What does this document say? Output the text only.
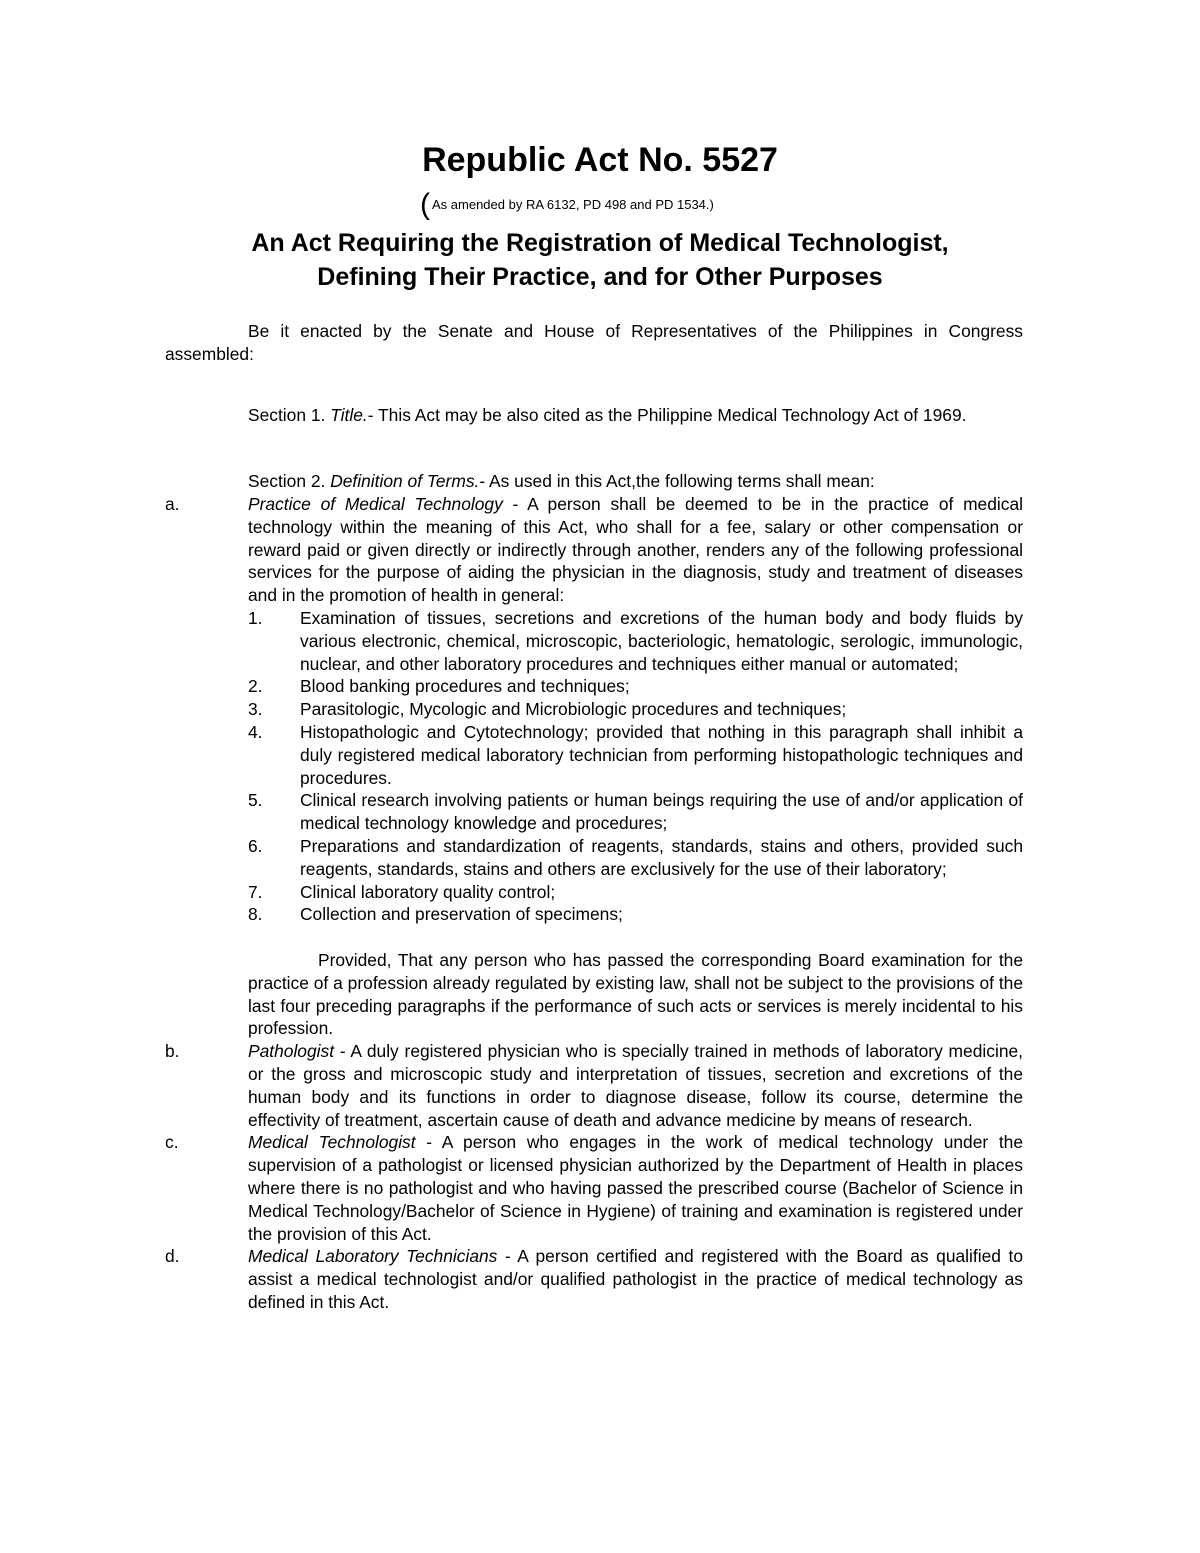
Republic Act No. 5527
( As amended by RA 6132, PD 498 and PD 1534.)
An Act Requiring the Registration of Medical Technologist,
Defining Their Practice, and for Other Purposes

Be it enacted by the Senate and House of Representatives of the Philippines in Congress assembled:

Section 1. Title.- This Act may be also cited as the Philippine Medical Technology Act of 1969.

Section 2. Definition of Terms.- As used in this Act,the following terms shall mean:

a.	Practice of Medical Technology - A person shall be deemed to be in the practice of medical technology within the meaning of this Act, who shall for a fee, salary or other compensation or reward paid or given directly or indirectly through another, renders any of the following professional services for the purpose of aiding the physician in the diagnosis, study and treatment of diseases and in the promotion of health in general:

1.	Examination of tissues, secretions and excretions of the human body and body fluids by various electronic, chemical, microscopic, bacteriologic, hematologic, serologic, immunologic, nuclear, and other laboratory procedures and techniques either manual or automated;
2.	Blood banking procedures and techniques;
3.	Parasitologic, Mycologic and Microbiologic procedures and techniques;
4.	Histopathologic and Cytotechnology; provided that nothing in this paragraph shall inhibit a duly registered medical laboratory technician from performing histopathologic techniques and procedures.
5.	Clinical research involving patients or human beings requiring the use of and/or application of medical technology knowledge and procedures;
6.	Preparations and standardization of reagents, standards, stains and others, provided such reagents, standards, stains and others are exclusively for the use of their laboratory;
7.	Clinical laboratory quality control;
8.	Collection and preservation of specimens;

Provided, That any person who has passed the corresponding Board examination for the practice of a profession already regulated by existing law, shall not be subject to the provisions of the last four preceding paragraphs if the performance of such acts or services is merely incidental to his profession.

b.	Pathologist - A duly registered physician who is specially trained in methods of laboratory medicine, or the gross and microscopic study and interpretation of tissues, secretion and excretions of the human body and its functions in order to diagnose disease, follow its course, determine the effectivity of treatment, ascertain cause of death and advance medicine by means of research.

c.	Medical Technologist - A person who engages in the work of medical technology under the supervision of a pathologist or licensed physician authorized by the Department of Health in places where there is no pathologist and who having passed the prescribed course (Bachelor of Science in Medical Technology/Bachelor of Science in Hygiene) of training and examination is registered under the provision of this Act.

d.	Medical Laboratory Technicians - A person certified and registered with the Board as qualified to assist a medical technologist and/or qualified pathologist in the practice of medical technology as defined in this Act.
